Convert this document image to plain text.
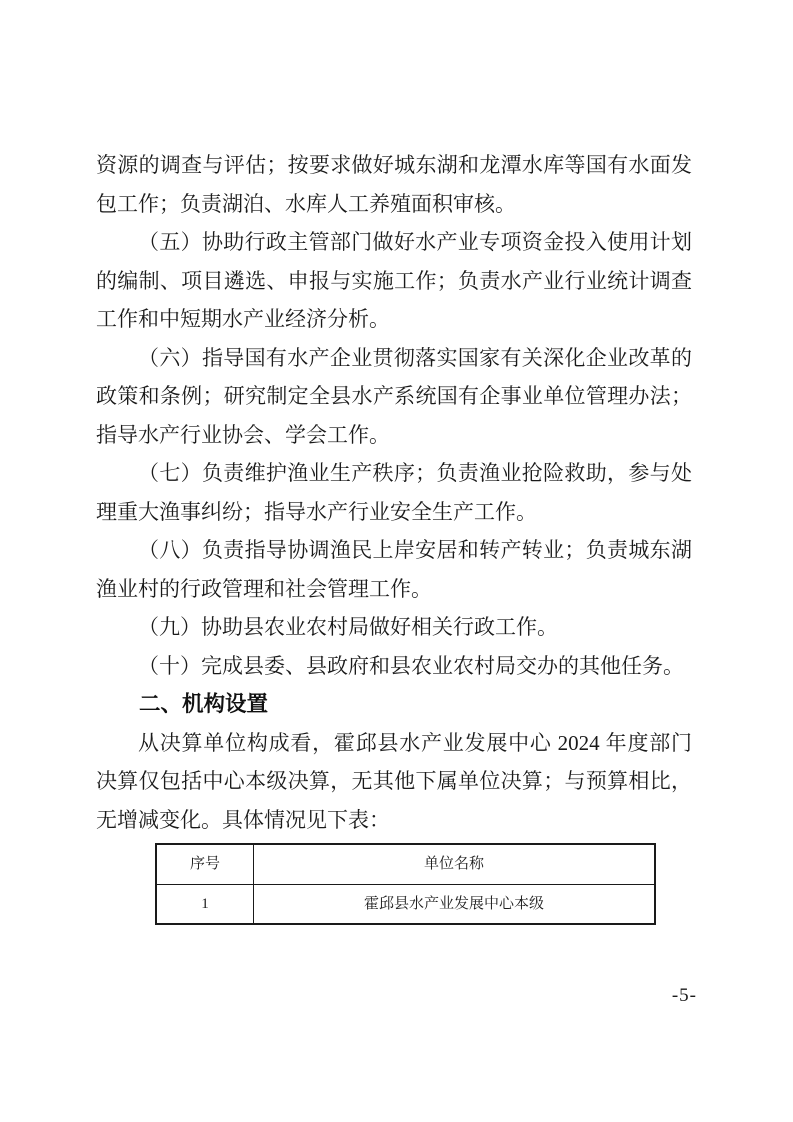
资源的调查与评估；按要求做好城东湖和龙潭水库等国有水面发包工作；负责湖泊、水库人工养殖面积审核。

（五）协助行政主管部门做好水产业专项资金投入使用计划的编制、项目遴选、申报与实施工作；负责水产业行业统计调查工作和中短期水产业经济分析。

（六）指导国有水产企业贯彻落实国家有关深化企业改革的政策和条例；研究制定全县水产系统国有企事业单位管理办法；指导水产行业协会、学会工作。

（七）负责维护渔业生产秩序；负责渔业抢险救助，参与处理重大渔事纠纷；指导水产行业安全生产工作。

（八）负责指导协调渔民上岸安居和转产转业；负责城东湖渔业村的行政管理和社会管理工作。

（九）协助县农业农村局做好相关行政工作。

（十）完成县委、县政府和县农业农村局交办的其他任务。

二、机构设置

从决算单位构成看，霍邱县水产业发展中心 2024 年度部门决算仅包括中心本级决算，无其他下属单位决算；与预算相比，无增减变化。具体情况见下表：

序号	单位名称
1	霍邱县水产业发展中心本级
-5-
